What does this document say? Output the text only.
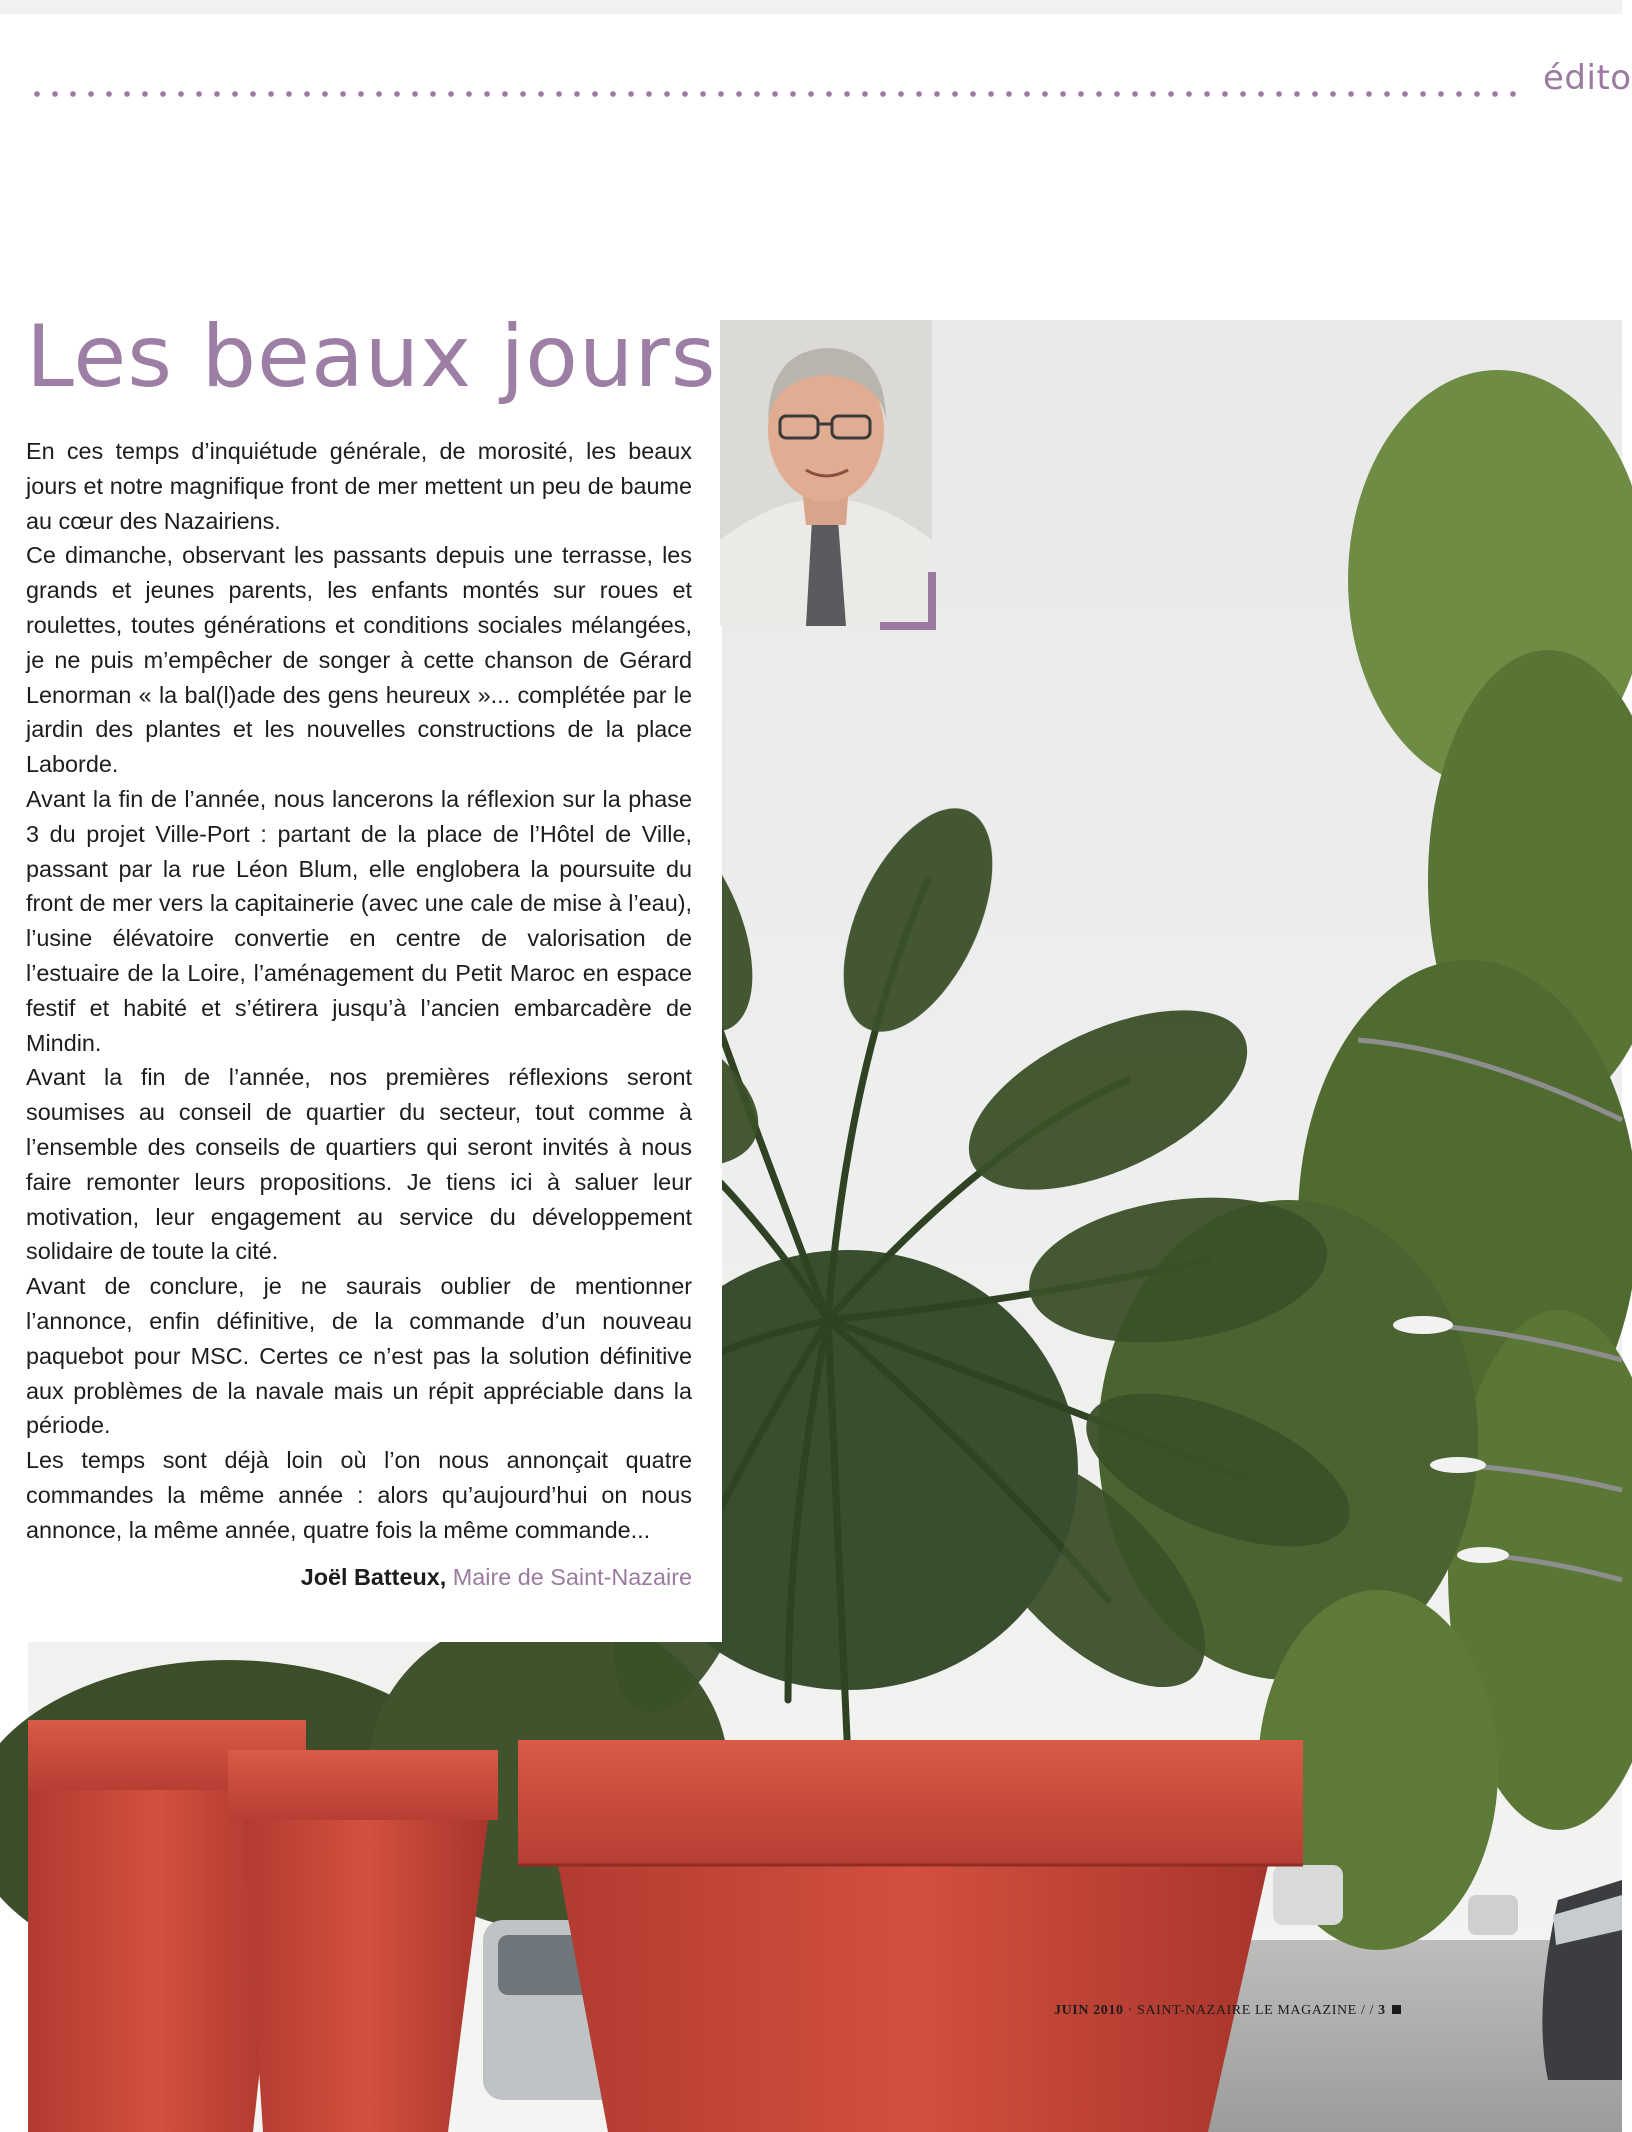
édito
Les beaux jours

En ces temps d’inquiétude générale, de morosité, les beaux jours et notre magnifique front de mer mettent un peu de baume au cœur des Nazairiens.

Ce dimanche, observant les passants depuis une terrasse, les grands et jeunes parents, les enfants montés sur roues et roulettes, toutes générations et conditions sociales mélangées, je ne puis m’empêcher de songer à cette chanson de Gérard Lenorman « la bal(l)ade des gens heureux »... complétée par le jardin des plantes et les nouvelles constructions de la place Laborde.

Avant la fin de l’année, nous lancerons la réflexion sur la phase 3 du projet Ville-Port : partant de la place de l’Hôtel de Ville, passant par la rue Léon Blum, elle englobera la poursuite du front de mer vers la capitainerie (avec une cale de mise à l’eau), l’usine élévatoire convertie en centre de valorisation de l’estuaire de la Loire, l’aménagement du Petit Maroc en espace festif et habité et s’étirera jusqu’à l’ancien embarcadère de Mindin.

Avant la fin de l’année, nos premières réflexions seront soumises au conseil de quartier du secteur, tout comme à l’ensemble des conseils de quartiers qui seront invités à nous faire remonter leurs propositions. Je tiens ici à saluer leur motivation, leur engagement au service du développement solidaire de toute la cité.

Avant de conclure, je ne saurais oublier de mentionner l’annonce, enfin définitive, de la commande d’un nouveau paquebot pour MSC. Certes ce n’est pas la solution définitive aux problèmes de la navale mais un répit appréciable dans la période.

Les temps sont déjà loin où l’on nous annonçait quatre commandes la même année : alors qu’aujourd’hui on nous annonce, la même année, quatre fois la même commande...

Joël Batteux, Maire de Saint-Nazaire
JUIN 2010 · SAINT-NAZAIRE LE MAGAZINE / / 3
